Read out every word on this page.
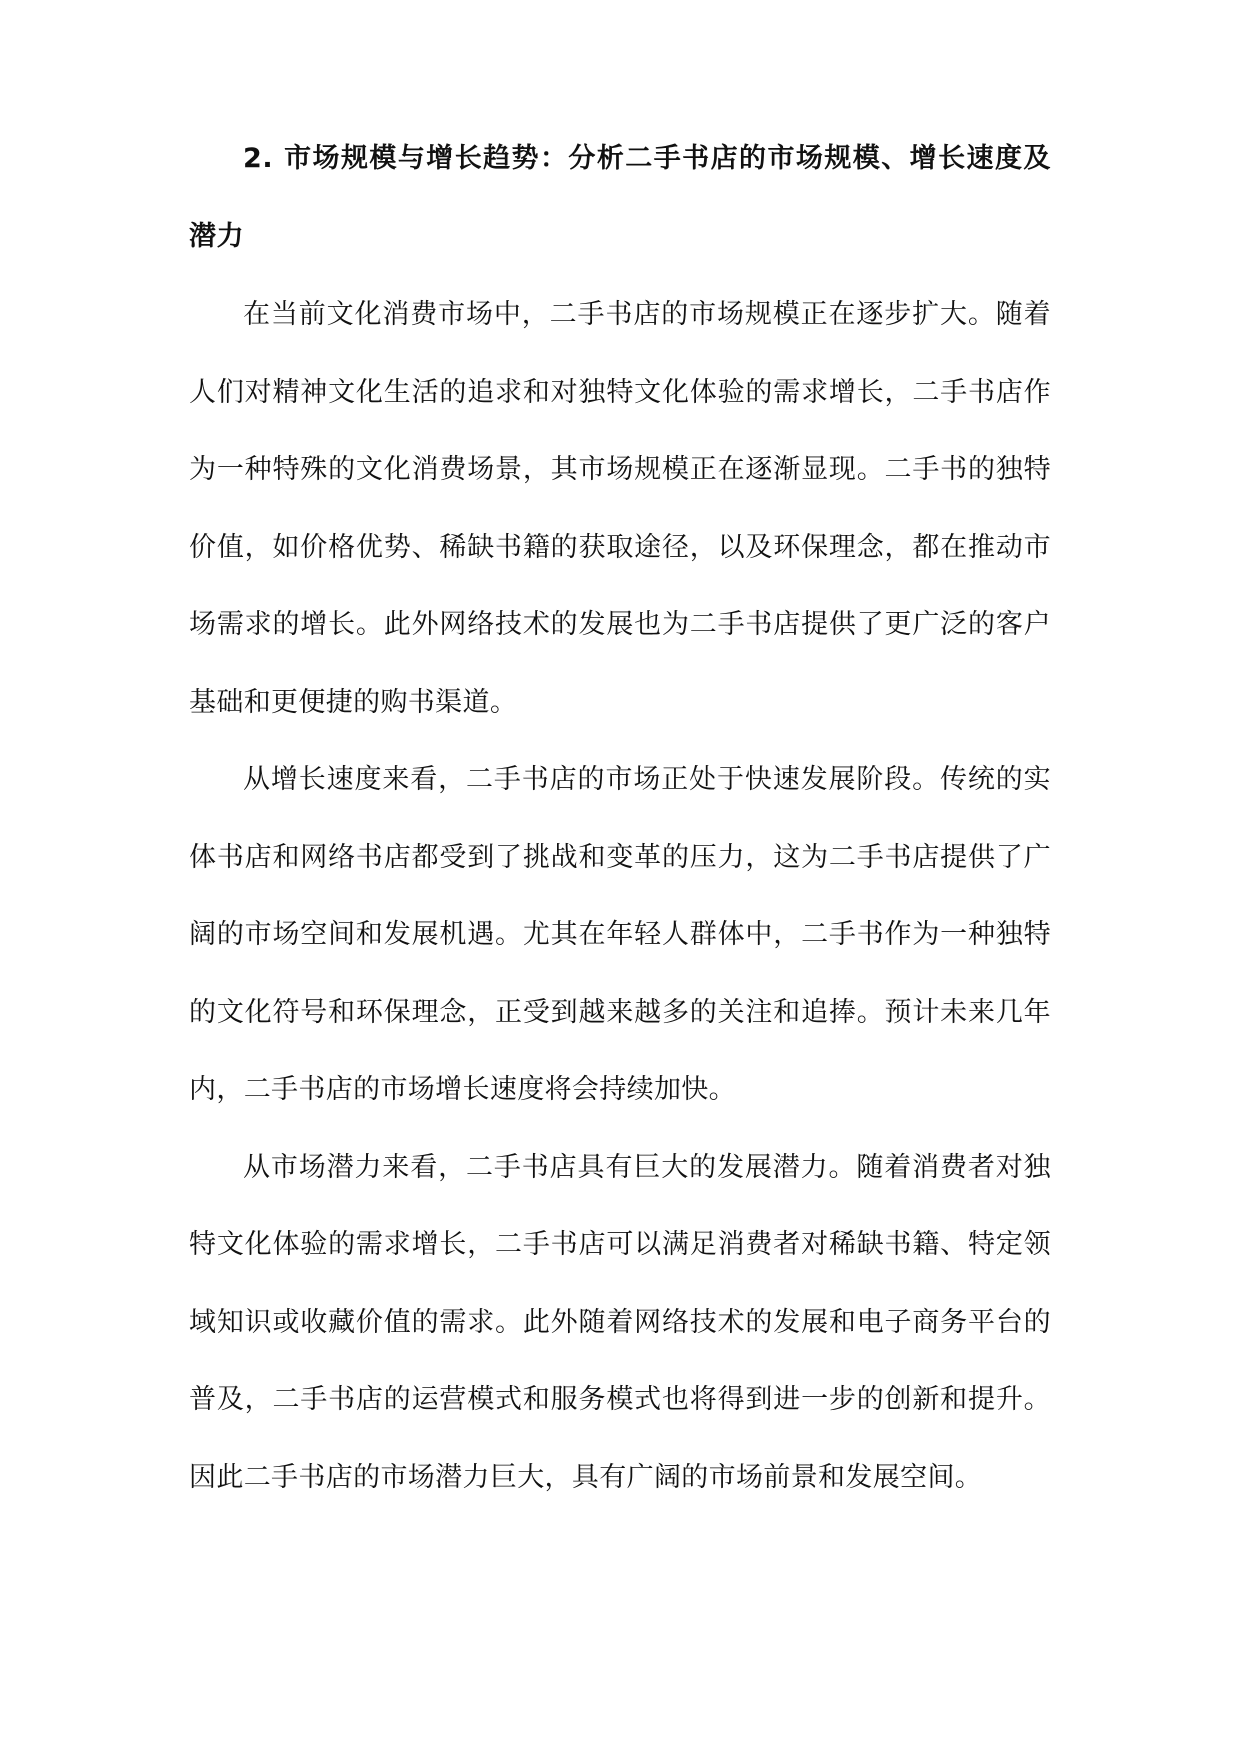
2. 市场规模与增长趋势：分析二手书店的市场规模、增长速度及潜力

在当前文化消费市场中，二手书店的市场规模正在逐步扩大。随着人们对精神文化生活的追求和对独特文化体验的需求增长，二手书店作为一种特殊的文化消费场景，其市场规模正在逐渐显现。二手书的独特价值，如价格优势、稀缺书籍的获取途径，以及环保理念，都在推动市场需求的增长。此外网络技术的发展也为二手书店提供了更广泛的客户基础和更便捷的购书渠道。

从增长速度来看，二手书店的市场正处于快速发展阶段。传统的实体书店和网络书店都受到了挑战和变革的压力，这为二手书店提供了广阔的市场空间和发展机遇。尤其在年轻人群体中，二手书作为一种独特的文化符号和环保理念，正受到越来越多的关注和追捧。预计未来几年内，二手书店的市场增长速度将会持续加快。

从市场潜力来看，二手书店具有巨大的发展潜力。随着消费者对独特文化体验的需求增长，二手书店可以满足消费者对稀缺书籍、特定领域知识或收藏价值的需求。此外随着网络技术的发展和电子商务平台的普及，二手书店的运营模式和服务模式也将得到进一步的创新和提升。因此二手书店的市场潜力巨大，具有广阔的市场前景和发展空间。
